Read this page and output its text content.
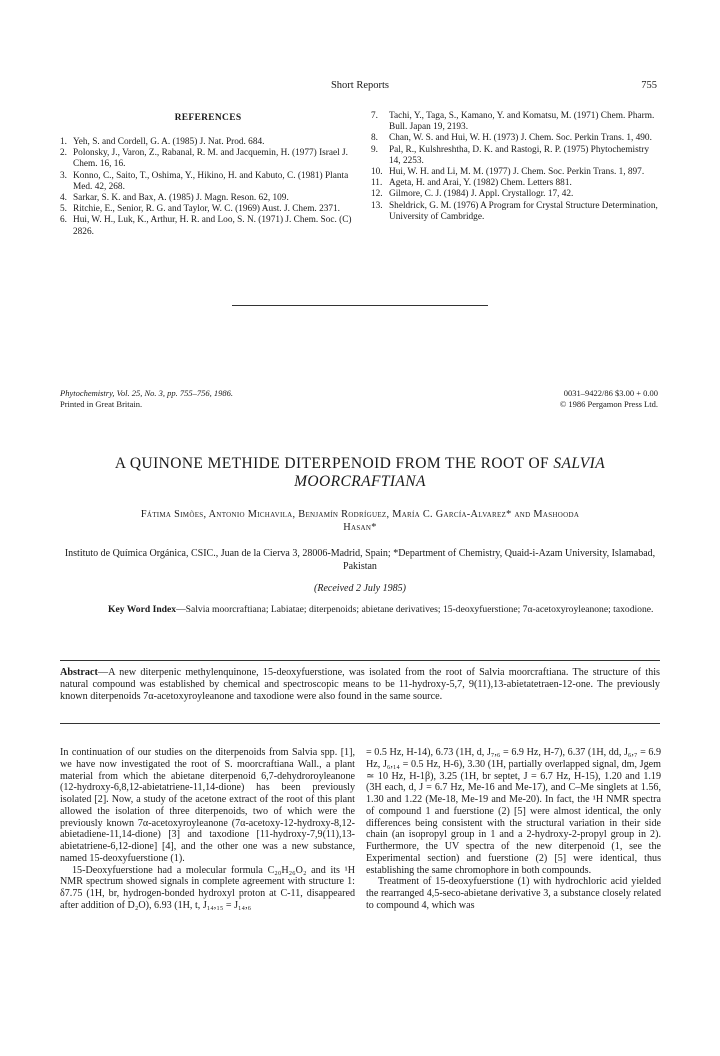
Short Reports	755
REFERENCES
1. Yeh, S. and Cordell, G. A. (1985) J. Nat. Prod. 684.
2. Polonsky, J., Varon, Z., Rabanal, R. M. and Jacquemin, H. (1977) Israel J. Chem. 16, 16.
3. Konno, C., Saito, T., Oshima, Y., Hikino, H. and Kabuto, C. (1981) Planta Med. 42, 268.
4. Sarkar, S. K. and Bax, A. (1985) J. Magn. Reson. 62, 109.
5. Ritchie, E., Senior, R. G. and Taylor, W. C. (1969) Aust. J. Chem. 2371.
6. Hui, W. H., Luk, K., Arthur, H. R. and Loo, S. N. (1971) J. Chem. Soc. (C) 2826.
7. Tachi, Y., Taga, S., Kamano, Y. and Komatsu, M. (1971) Chem. Pharm. Bull. Japan 19, 2193.
8. Chan, W. S. and Hui, W. H. (1973) J. Chem. Soc. Perkin Trans. 1, 490.
9. Pal, R., Kulshreshtha, D. K. and Rastogi, R. P. (1975) Phytochemistry 14, 2253.
10. Hui, W. H. and Li, M. M. (1977) J. Chem. Soc. Perkin Trans. 1, 897.
11. Ageta, H. and Arai, Y. (1982) Chem. Letters 881.
12. Gilmore, C. J. (1984) J. Appl. Crystallogr. 17, 42.
13. Sheldrick, G. M. (1976) A Program for Crystal Structure Determination, University of Cambridge.
Phytochemistry, Vol. 25, No. 3, pp. 755–756, 1986.
Printed in Great Britain.
0031–9422/86 $3.00 + 0.00
© 1986 Pergamon Press Ltd.
A QUINONE METHIDE DITERPENOID FROM THE ROOT OF SALVIA MOORCRAFTIANA
Fátima Simões, Antonio Michavila, Benjamín Rodríguez, María C. García-Alvarez* and Mashooda
Hasan*
Instituto de Química Orgánica, CSIC., Juan de la Cierva 3, 28006-Madrid, Spain; *Department of Chemistry, Quaid-i-Azam University, Islamabad, Pakistan
(Received 2 July 1985)
Key Word Index—Salvia moorcraftiana; Labiatae; diterpenoids; abietane derivatives; 15-deoxyfuerstione; 7α-acetoxyroyleanone; taxodione.
Abstract—A new diterpenic methylenquinone, 15-deoxyfuerstione, was isolated from the root of Salvia moorcraftiana. The structure of this natural compound was established by chemical and spectroscopic means to be 11-hydroxy-5,7, 9(11),13-abietatetraen-12-one. The previously known diterpenoids 7α-acetoxyroyleanone and taxodione were also found in the same source.

In continuation of our studies on the diterpenoids from Salvia spp. [1], we have now investigated the root of S. moorcraftiana Wall., a plant material from which the abietane diterpenoid 6,7-dehydroroyleanone (12-hydroxy-6,8,12-abietatriene-11,14-dione) has been previously isolated [2]. Now, a study of the acetone extract of the root of this plant allowed the isolation of three diterpenoids, two of which were the previously known 7α-acetoxyroyleanone (7α-acetoxy-12-hydroxy-8,12-abietadiene-11,14-dione) [3] and taxodione [11-hydroxy-7,9(11),13-abietatriene-6,12-dione] [4], and the other one was a new substance, named 15-deoxyfuerstione (1).

15-Deoxyfuerstione had a molecular formula C₂₀H₂₆O₂ and its ¹H NMR spectrum showed signals in complete agreement with structure 1: δ7.75 (1H, br, hydrogen-bonded hydroxyl proton at C-11, disappeared after addition of D₂O), 6.93 (1H, t, J₁₄,₁₅ = J₁₄,₆

= 0.5 Hz, H-14), 6.73 (1H, d, J₇,₆ = 6.9 Hz, H-7), 6.37 (1H, dd, J₆,₇ = 6.9 Hz, J₆,₁₄ = 0.5 Hz, H-6), 3.30 (1H, partially overlapped signal, dm, Jgem ≃ 10 Hz, H-1β), 3.25 (1H, br septet, J = 6.7 Hz, H-15), 1.20 and 1.19 (3H each, d, J = 6.7 Hz, Me-16 and Me-17), and C–Me singlets at 1.56, 1.30 and 1.22 (Me-18, Me-19 and Me-20). In fact, the ¹H NMR spectra of compound 1 and fuerstione (2) [5] were almost identical, the only differences being consistent with the structural variation in their side chain (an isopropyl group in 1 and a 2-hydroxy-2-propyl group in 2). Furthermore, the UV spectra of the new diterpenoid (1, see the Experimental section) and fuerstione (2) [5] were identical, thus establishing the same chromophore in both compounds.

Treatment of 15-deoxyfuerstione (1) with hydrochloric acid yielded the rearranged 4,5-seco-abietane derivative 3, a substance closely related to compound 4, which was
